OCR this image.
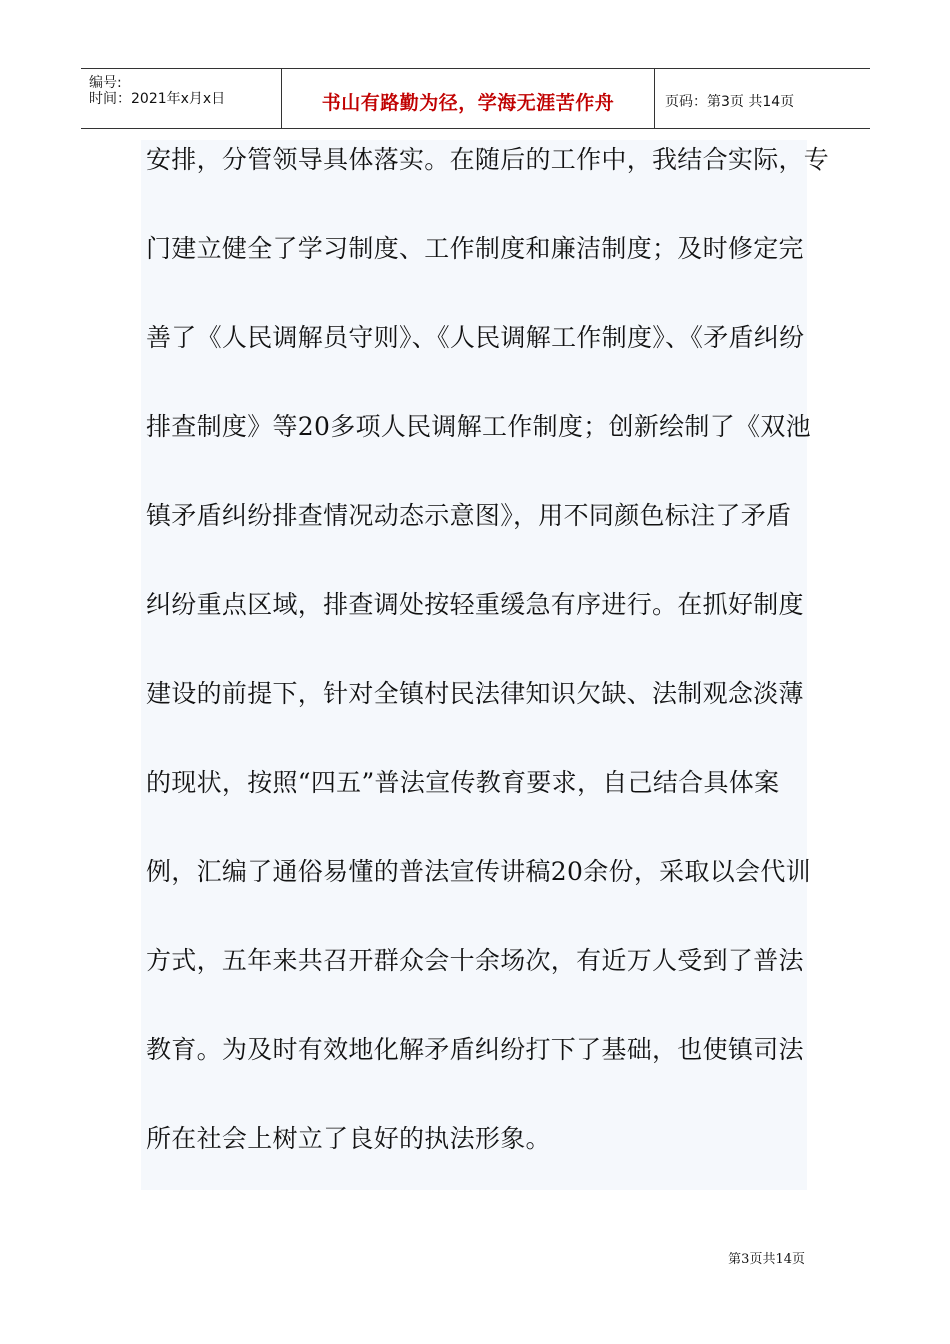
编号:
时间：2021年x月x日	书山有路勤为径，学海无涯苦作舟	页码：第3页 共14页
安排，分管领导具体落实。在随后的工作中，我结合实际，专
门建立健全了学习制度、工作制度和廉洁制度；及时修定完
善了《人民调解员守则》、《人民调解工作制度》、《矛盾纠纷
排查制度》等20多项人民调解工作制度；创新绘制了《双池
镇矛盾纠纷排查情况动态示意图》，用不同颜色标注了矛盾
纠纷重点区域，排查调处按轻重缓急有序进行。在抓好制度
建设的前提下，针对全镇村民法律知识欠缺、法制观念淡薄
的现状，按照“四五”普法宣传教育要求，自己结合具体案
例，汇编了通俗易懂的普法宣传讲稿20余份，采取以会代训
方式，五年来共召开群众会十余场次，有近万人受到了普法
教育。为及时有效地化解矛盾纠纷打下了基础，也使镇司法
所在社会上树立了良好的执法形象。
第3页共14页
